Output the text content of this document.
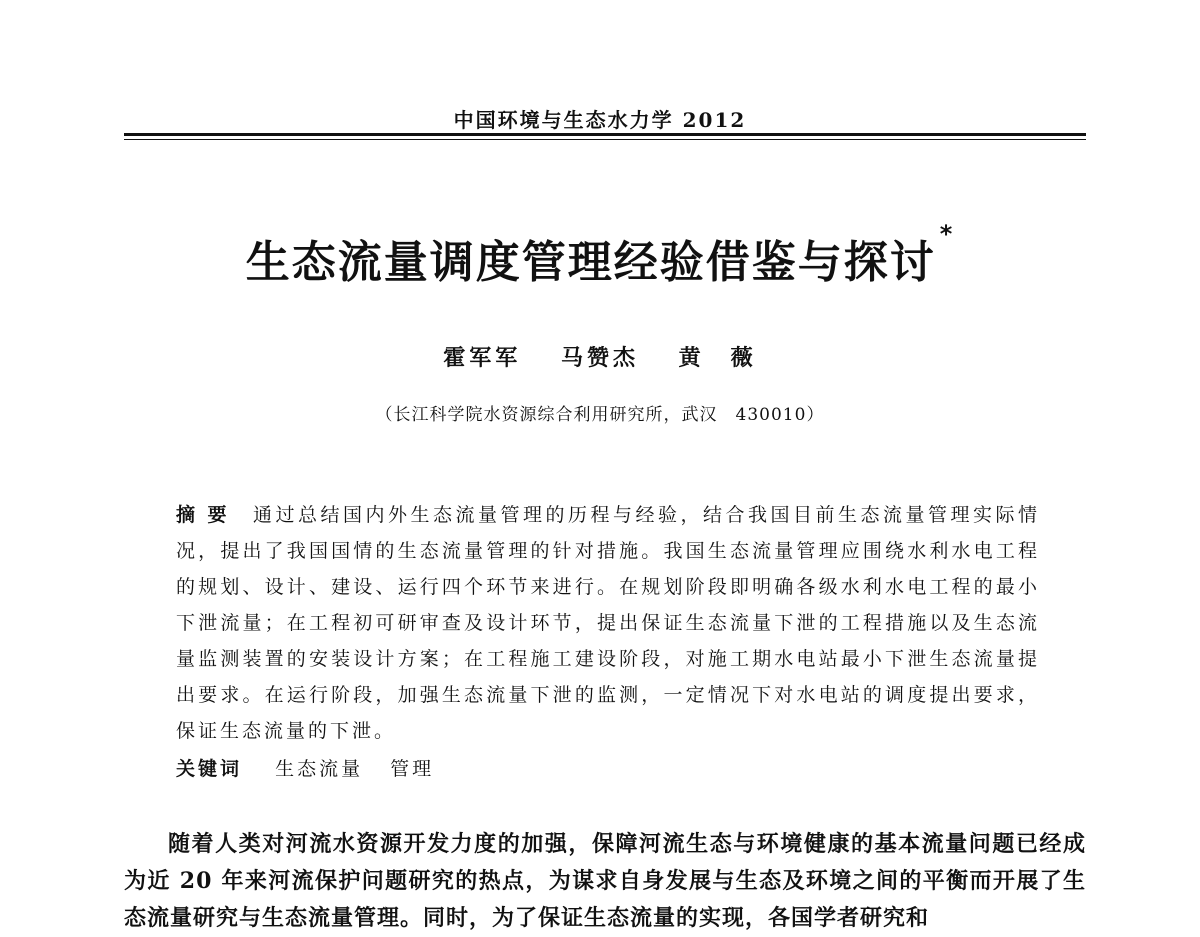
中国环境与生态水力学 2012
生态流量调度管理经验借鉴与探讨*
霍军军 马赞杰 黄　薇
（长江科学院水资源综合利用研究所，武汉　430010）
摘要 通过总结国内外生态流量管理的历程与经验，结合我国目前生态流量管理实际情况，提出了我国国情的生态流量管理的针对措施。我国生态流量管理应围绕水利水电工程的规划、设计、建设、运行四个环节来进行。在规划阶段即明确各级水利水电工程的最小下泄流量；在工程初可研审查及设计环节，提出保证生态流量下泄的工程措施以及生态流量监测装置的安装设计方案；在工程施工建设阶段，对施工期水电站最小下泄生态流量提出要求。在运行阶段，加强生态流量下泄的监测，一定情况下对水电站的调度提出要求，保证生态流量的下泄。
关键词 生态流量 管理
随着人类对河流水资源开发力度的加强，保障河流生态与环境健康的基本流量问题已经成为近 20 年来河流保护问题研究的热点，为谋求自身发展与生态及环境之间的平衡而开展了生态流量研究与生态流量管理。同时，为了保证生态流量的实现，各国学者研究和
